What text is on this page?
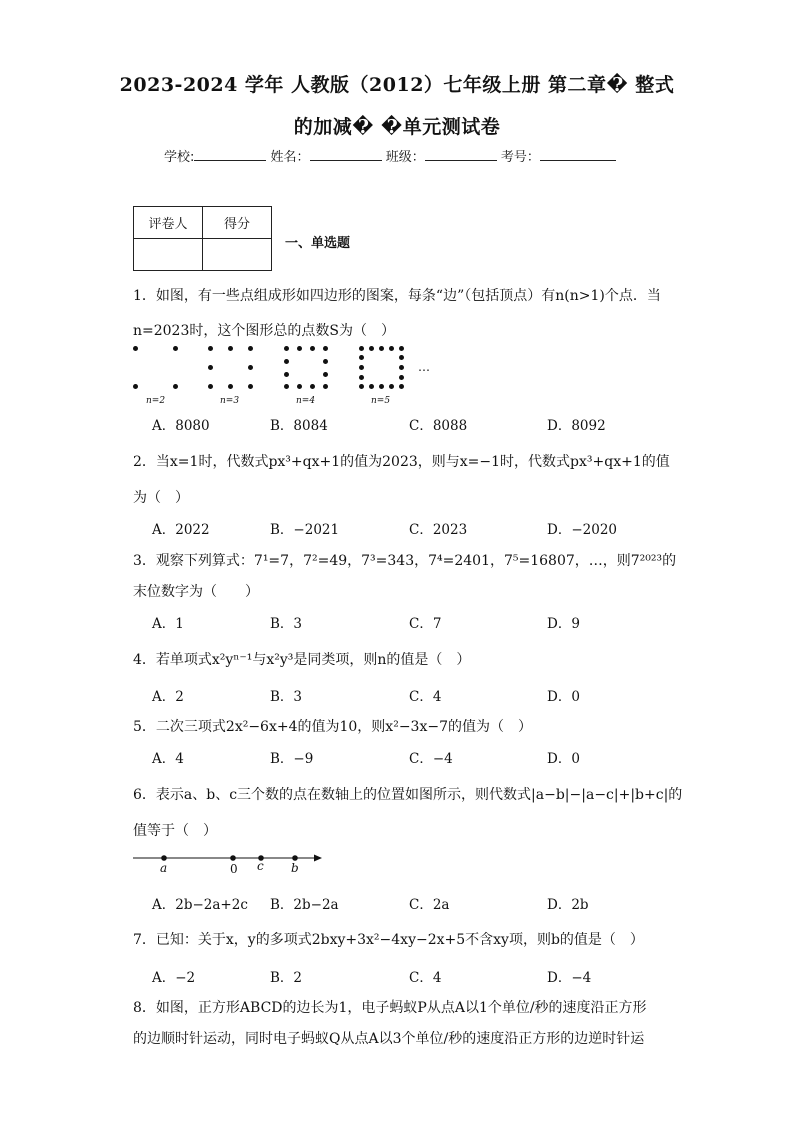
2023-2024 学年 人教版（2012）七年级上册 第二章� 整式
的加减� �单元测试卷
学校:	姓名：	班级：	考号：
评卷人	得分

一、单选题
1．如图，有一些点组成形如四边形的图案，每条“边”（包括顶点）有n(n>1)个点．当
n=2023时，这个图形总的点数S为（　）
n=2	n=3	n=4	n=5
…
A．8080	B．8084	C．8088	D．8092
2．当x=1时，代数式px³+qx+1的值为2023，则与x=−1时，代数式px³+qx+1的值
为（　）
A．2022	B．−2021	C．2023	D．−2020
3．观察下列算式：7¹=7，7²=49，7³=343，7⁴=2401，7⁵=16807，…，则7²⁰²³的
末位数字为（　　）
A．1	B．3	C．7	D．9
4．若单项式x²yⁿ⁻¹与x²y³是同类项，则n的值是（　）
A．2	B．3	C．4	D．0
5．二次三项式2x²−6x+4的值为10，则x²−3x−7的值为（　）
A．4	B．−9	C．−4	D．0
6．表示a、b、c三个数的点在数轴上的位置如图所示，则代数式|a−b|−|a−c|+|b+c|的
值等于（　）
a	0 c b
A．2b−2a+2c B．2b−2a	C．2a	D．2b
7．已知：关于x，y的多项式2bxy+3x²−4xy−2x+5不含xy项，则b的值是（　）
A．−2	B．2	C．4	D．−4
8．如图，正方形ABCD的边长为1，电子蚂蚁P从点A以1个单位/秒的速度沿正方形
的边顺时针运动，同时电子蚂蚁Q从点A以3个单位/秒的速度沿正方形的边逆时针运
